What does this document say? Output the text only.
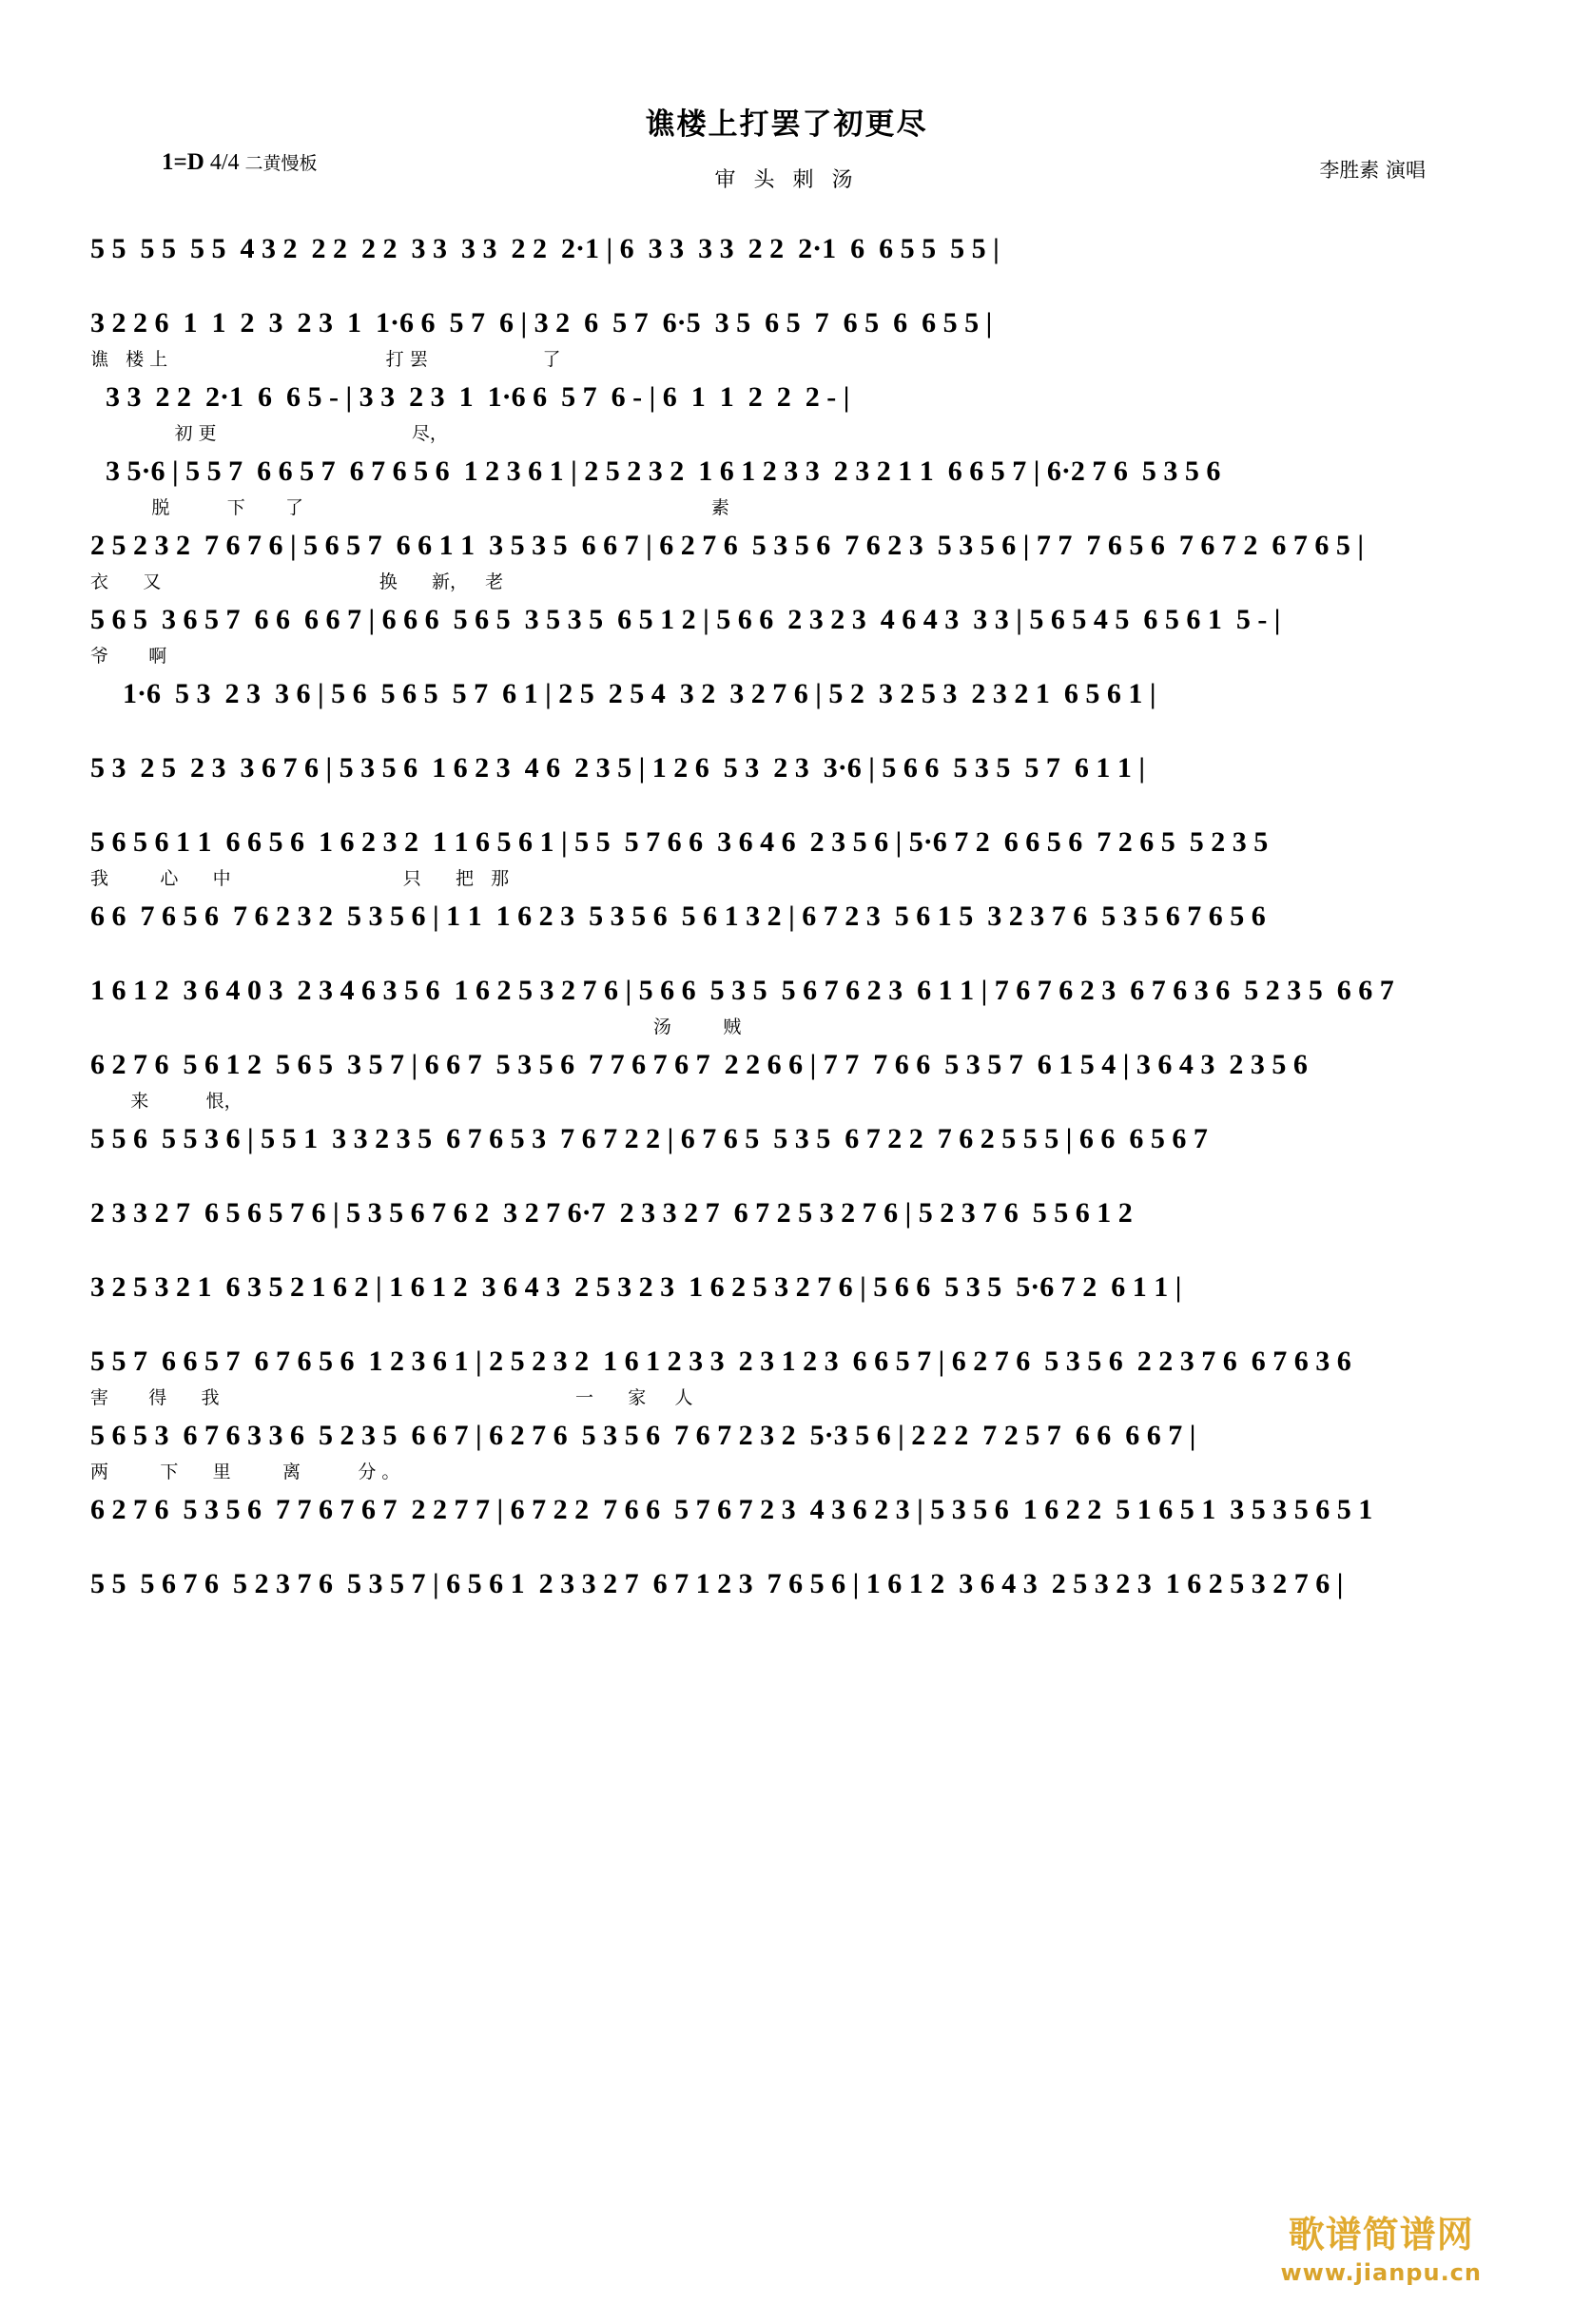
谯楼上打罢了初更尽
审 头 刺 汤
1=D 4/4 二黄慢板	李胜素 演唱
5 5  5 5  5 5  4 3 2  2 2  2 2  3 3  3 3  2 2  2·1 | 6  3 3  3 3  2 2  2·1  6  6 5 5  5 5 |
3 2 2 6  1  1  2  3  2 3  1  1·6 6  5 7  6 | 3 2  6  5 7  6·5  3 5  6 5  7  6 5  6  6 5 5 |
谯   楼 上                                      打 罢                    了
3 3  2 2  2·1  6  6 5 - | 3 3  2 3  1  1·6 6  5 7  6 - | 6  1  1  2  2  2 - |
初 更                                  尽，
3 5·6 | 5 5 7  6 6 5 7  6 7 6 5 6  1 2 3 6 1 | 2 5 2 3 2  1 6 1 2 3 3  2 3 2 1 1  6 6 5 7 | 6·2 7 6  5 3 5 6
脱          下       了                                                                       素
2 5 2 3 2  7 6 7 6 | 5 6 5 7  6 6 1 1  3 5 3 5  6 6 7 | 6 2 7 6  5 3 5 6  7 6 2 3  5 3 5 6 | 7 7  7 6 5 6  7 6 7 2  6 7 6 5 |
衣      又                                      换      新，   老
5 6 5  3 6 5 7  6 6  6 6 7 | 6 6 6  5 6 5  3 5 3 5  6 5 1 2 | 5 6 6  2 3 2 3  4 6 4 3  3 3 | 5 6 5 4 5  6 5 6 1  5 - |
爷       啊
1·6  5 3  2 3  3 6 | 5 6  5 6 5  5 7  6 1 | 2 5  2 5 4  3 2  3 2 7 6 | 5 2  3 2 5 3  2 3 2 1  6 5 6 1 |
5 3  2 5  2 3  3 6 7 6 | 5 3 5 6  1 6 2 3  4 6  2 3 5 | 1 2 6  5 3  2 3  3·6 | 5 6 6  5 3 5  5 7  6 1 1 |
5 6 5 6 1 1  6 6 5 6  1 6 2 3 2  1 1 6 5 6 1 | 5 5  5 7 6 6  3 6 4 6  2 3 5 6 | 5·6 7 2  6 6 5 6  7 2 6 5  5 2 3 5
我         心      中                              只      把   那
6 6  7 6 5 6  7 6 2 3 2  5 3 5 6 | 1 1  1 6 2 3  5 3 5 6  5 6 1 3 2 | 6 7 2 3  5 6 1 5  3 2 3 7 6  5 3 5 6 7 6 5 6
1 6 1 2  3 6 4 0 3  2 3 4 6 3 5 6  1 6 2 5 3 2 7 6 | 5 6 6  5 3 5  5 6 7 6 2 3  6 1 1 | 7 6 7 6 2 3  6 7 6 3 6  5 2 3 5  6 6 7
汤         贼
6 2 7 6  5 6 1 2  5 6 5  3 5 7 | 6 6 7  5 3 5 6  7 7 6 7 6 7  2 2 6 6 | 7 7  7 6 6  5 3 5 7  6 1 5 4 | 3 6 4 3  2 3 5 6
来          恨，
5 5 6  5 5 3 6 | 5 5 1  3 3 2 3 5  6 7 6 5 3  7 6 7 2 2 | 6 7 6 5  5 3 5  6 7 2 2  7 6 2 5 5 5 | 6 6  6 5 6 7
2 3 3 2 7  6 5 6 5 7 6 | 5 3 5 6 7 6 2  3 2 7 6·7  2 3 3 2 7  6 7 2 5 3 2 7 6 | 5 2 3 7 6  5 5 6 1 2
3 2 5 3 2 1  6 3 5 2 1 6 2 | 1 6 1 2  3 6 4 3  2 5 3 2 3  1 6 2 5 3 2 7 6 | 5 6 6  5 3 5  5·6 7 2  6 1 1 |
5 5 7  6 6 5 7  6 7 6 5 6  1 2 3 6 1 | 2 5 2 3 2  1 6 1 2 3 3  2 3 1 2 3  6 6 5 7 | 6 2 7 6  5 3 5 6  2 2 3 7 6  6 7 6 3 6
害       得      我                                                              一      家     人
5 6 5 3  6 7 6 3 3 6  5 2 3 5  6 6 7 | 6 2 7 6  5 3 5 6  7 6 7 2 3 2  5·3 5 6 | 2 2 2  7 2 5 7  6 6  6 6 7 |
两         下      里         离          分 。
6 2 7 6  5 3 5 6  7 7 6 7 6 7  2 2 7 7 | 6 7 2 2  7 6 6  5 7 6 7 2 3  4 3 6 2 3 | 5 3 5 6  1 6 2 2  5 1 6 5 1  3 5 3 5 6 5 1
5 5  5 6 7 6  5 2 3 7 6  5 3 5 7 | 6 5 6 1  2 3 3 2 7  6 7 1 2 3  7 6 5 6 | 1 6 1 2  3 6 4 3  2 5 3 2 3  1 6 2 5 3 2 7 6 |
歌谱简谱网
www.jianpu.cn
